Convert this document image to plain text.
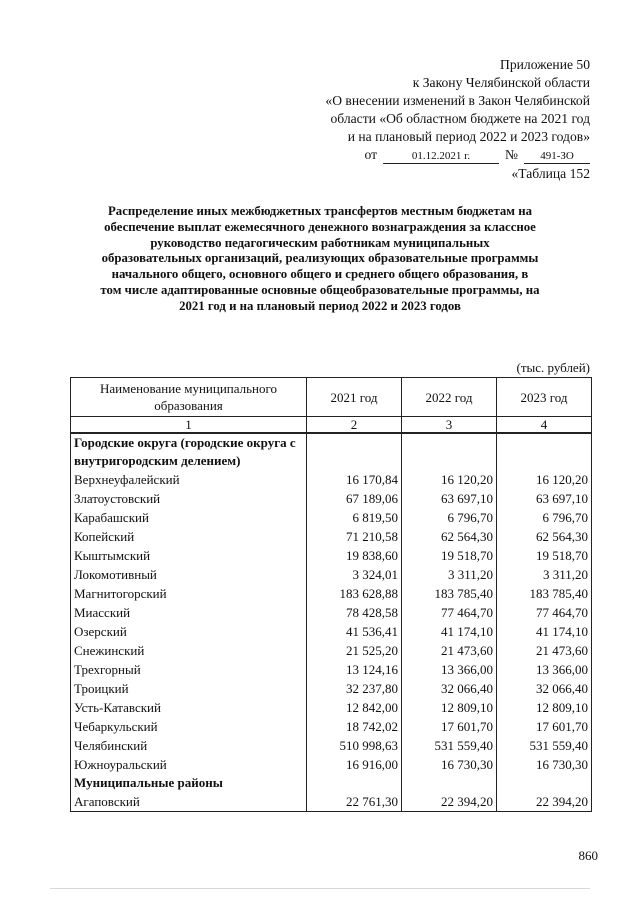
Приложение 50
к Закону Челябинской области
«О внесении изменений в Закон Челябинской
области «Об областном бюджете на 2021 год
и на плановый период 2022 и 2023 годов»
от	01.12.2021 г.	№	491-ЗО
«Таблица 152
Распределение иных межбюджетных трансфертов местным бюджетам на обеспечение выплат ежемесячного денежного вознаграждения за классное руководство педагогическим работникам муниципальных образовательных организаций, реализующих образовательные программы начального общего, основного общего и среднего общего образования, в том числе адаптированные основные общеобразовательные программы, на 2021 год и на плановый период 2022 и 2023 годов
(тыс. рублей)
Наименование муниципального образования	2021 год	2022 год	2023 год
1	2	3	4
Городские округа (городские округа с внутригородским делением)			
Верхнеуфалейский	16 170,84	16 120,20	16 120,20
Златоустовский	67 189,06	63 697,10	63 697,10
Карабашский	6 819,50	6 796,70	6 796,70
Копейский	71 210,58	62 564,30	62 564,30
Кыштымский	19 838,60	19 518,70	19 518,70
Локомотивный	3 324,01	3 311,20	3 311,20
Магнитогорский	183 628,88	183 785,40	183 785,40
Миасский	78 428,58	77 464,70	77 464,70
Озерский	41 536,41	41 174,10	41 174,10
Снежинский	21 525,20	21 473,60	21 473,60
Трехгорный	13 124,16	13 366,00	13 366,00
Троицкий	32 237,80	32 066,40	32 066,40
Усть-Катавский	12 842,00	12 809,10	12 809,10
Чебаркульский	18 742,02	17 601,70	17 601,70
Челябинский	510 998,63	531 559,40	531 559,40
Южноуральский	16 916,00	16 730,30	16 730,30
Муниципальные районы			
Агаповский	22 761,30	22 394,20	22 394,20
860
